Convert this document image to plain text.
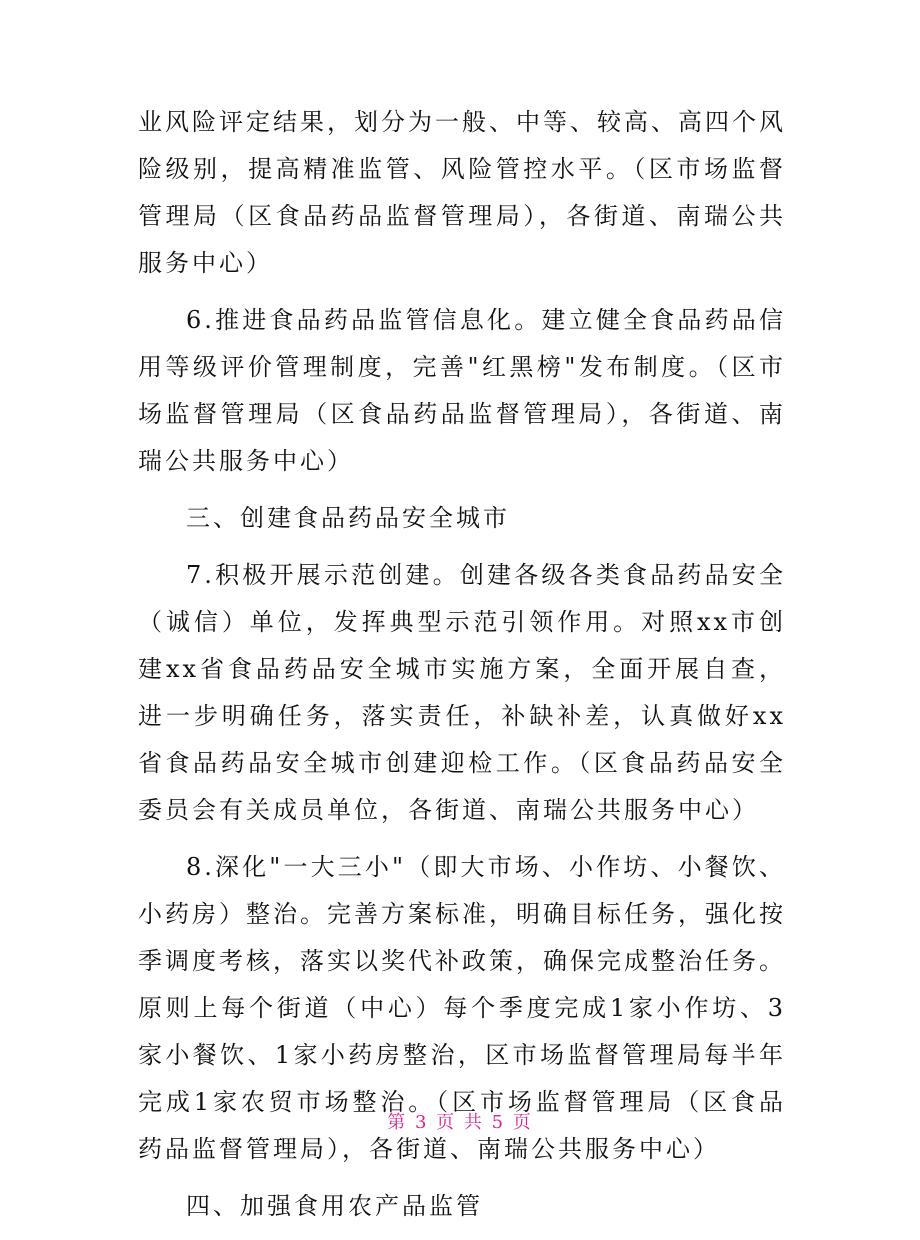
业风险评定结果，划分为一般、中等、较高、高四个风险级别，提高精准监管、风险管控水平。（区市场监督管理局（区食品药品监督管理局），各街道、南瑞公共服务中心）

6.推进食品药品监管信息化。建立健全食品药品信用等级评价管理制度，完善"红黑榜"发布制度。（区市场监督管理局（区食品药品监督管理局），各街道、南瑞公共服务中心）

三、创建食品药品安全城市

7.积极开展示范创建。创建各级各类食品药品安全（诚信）单位，发挥典型示范引领作用。对照xx市创建xx省食品药品安全城市实施方案，全面开展自查，进一步明确任务，落实责任，补缺补差，认真做好xx省食品药品安全城市创建迎检工作。（区食品药品安全委员会有关成员单位，各街道、南瑞公共服务中心）

8.深化"一大三小"（即大市场、小作坊、小餐饮、小药房）整治。完善方案标准，明确目标任务，强化按季调度考核，落实以奖代补政策，确保完成整治任务。原则上每个街道（中心）每个季度完成1家小作坊、3家小餐饮、1家小药房整治，区市场监督管理局每半年完成1家农贸市场整治。（区市场监督管理局（区食品药品监督管理局），各街道、南瑞公共服务中心）

四、加强食用农产品监管

第 3 页 共 5 页
